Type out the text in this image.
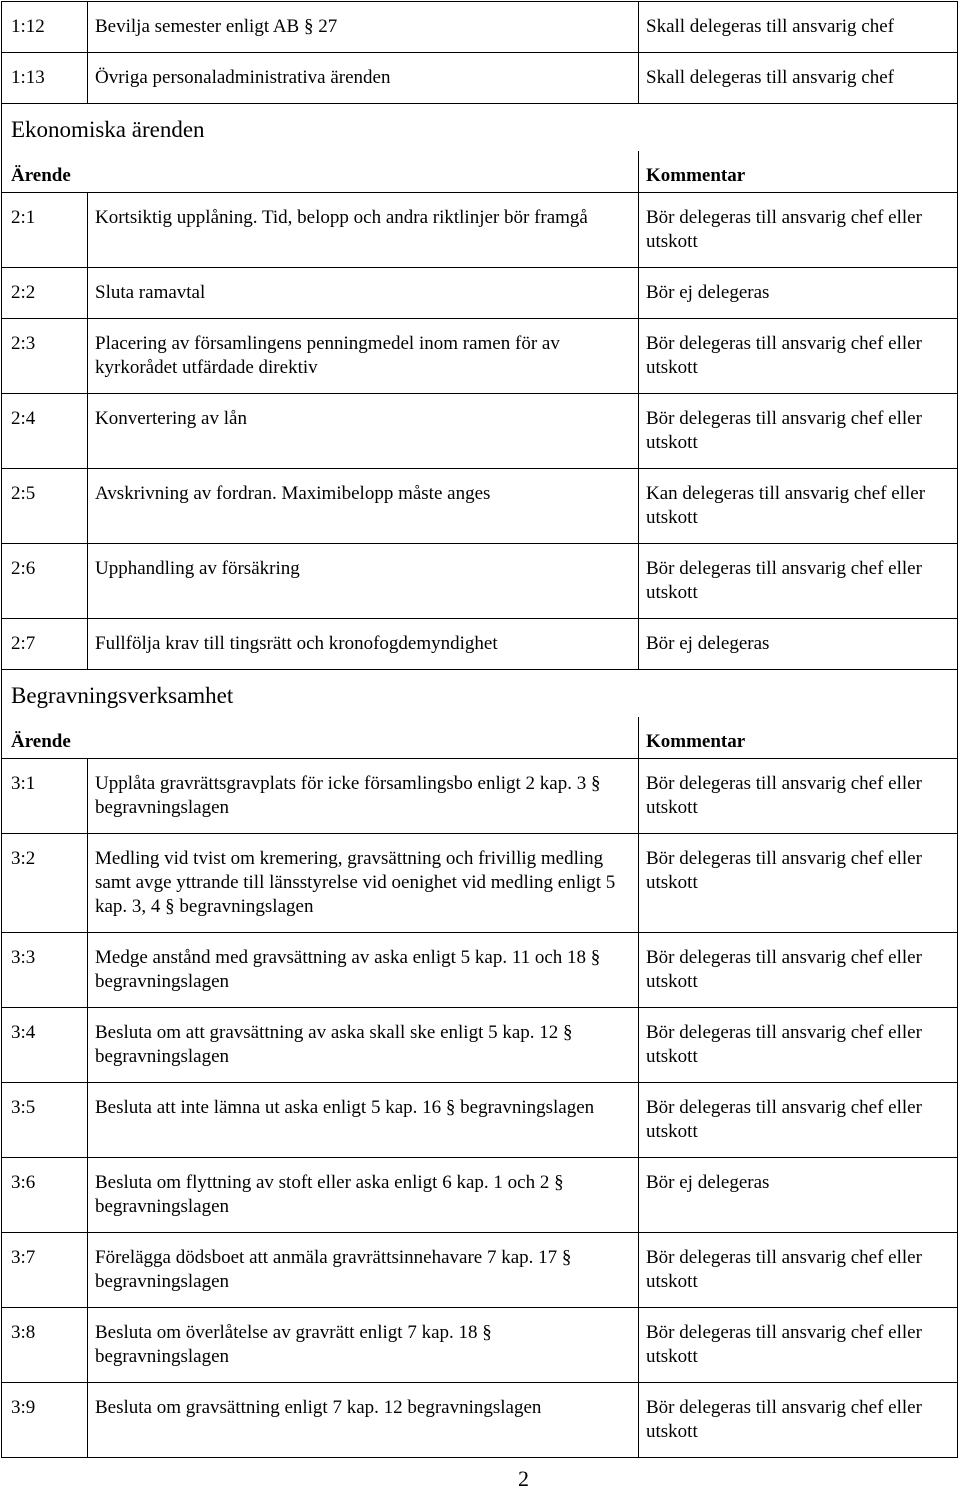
1:12	Bevilja semester enligt AB § 27	Skall delegeras till ansvarig chef
1:13	Övriga personaladministrativa ärenden	Skall delegeras till ansvarig chef
Ekonomiska ärenden		
Ärende		Kommentar
2:1	Kortsiktig upplåning. Tid, belopp och andra riktlinjer bör framgå	Bör delegeras till ansvarig chef eller utskott
2:2	Sluta ramavtal	Bör ej delegeras
2:3	Placering av församlingens penningmedel inom ramen för av kyrkorådet utfärdade direktiv	Bör delegeras till ansvarig chef eller utskott
2:4	Konvertering av lån	Bör delegeras till ansvarig chef eller utskott
2:5	Avskrivning av fordran. Maximibelopp måste anges	Kan delegeras till ansvarig chef eller utskott
2:6	Upphandling av försäkring	Bör delegeras till ansvarig chef eller utskott
2:7	Fullfölja krav till tingsrätt och kronofogdemyndighet	Bör ej delegeras
Begravningsverksamhet		
Ärende		Kommentar
3:1	Upplåta gravrättsgravplats för icke församlingsbo enligt 2 kap. 3 § begravningslagen	Bör delegeras till ansvarig chef eller utskott
3:2	Medling vid tvist om kremering, gravsättning och frivillig medling samt avge yttrande till länsstyrelse vid oenighet vid medling enligt 5 kap. 3, 4 § begravningslagen	Bör delegeras till ansvarig chef eller utskott
3:3	Medge anstånd med gravsättning av aska enligt 5 kap. 11 och 18 § begravningslagen	Bör delegeras till ansvarig chef eller utskott
3:4	Besluta om att gravsättning av aska skall ske enligt 5 kap. 12 § begravningslagen	Bör delegeras till ansvarig chef eller utskott
3:5	Besluta att inte lämna ut aska enligt 5 kap. 16 § begravningslagen	Bör delegeras till ansvarig chef eller utskott
3:6	Besluta om flyttning av stoft eller aska enligt 6 kap. 1 och 2 § begravningslagen	Bör ej delegeras
3:7	Förelägga dödsboet att anmäla gravrättsinnehavare 7 kap. 17 § begravningslagen	Bör delegeras till ansvarig chef eller utskott
3:8	Besluta om överlåtelse av gravrätt enligt 7 kap. 18 § begravningslagen	Bör delegeras till ansvarig chef eller utskott
3:9	Besluta om gravsättning enligt 7 kap. 12 begravningslagen	Bör delegeras till ansvarig chef eller utskott
2
